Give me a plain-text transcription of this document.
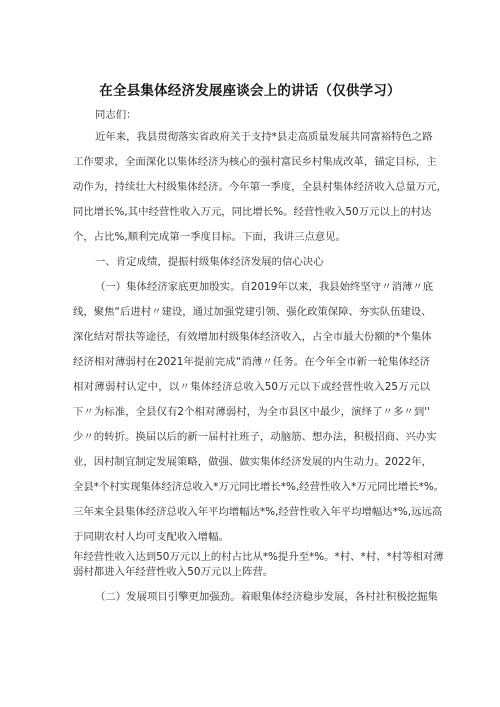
在全县集体经济发展座谈会上的讲话（仅供学习）
同志们：
近年来，我县贯彻落实省政府关于支持*县走高质量发展共同富裕特色之路
工作要求，全面深化以集体经济为核心的强村富民乡村集成改革，锚定目标，主
动作为，持续壮大村级集体经济。今年第一季度，全县村集体经济收入总量万元，
同比增长%,其中经营性收入万元，同比增长%。经营性收入50万元以上的村达
个，占比%,顺利完成第一季度目标。下面，我讲三点意见。
一、肯定成绩，提振村级集体经济发展的信心决心
（一）集体经济家底更加殷实。自2019年以来，我县始终坚守〃消薄〃底
线，聚焦“后进村〃建设，通过加强党建引领、强化政策保障、夯实队伍建设、
深化结对帮扶等途径，有效增加村级集体经济收入，占全市最大份额的*个集体
经济相对薄弱村在2021年提前完成“消薄〃任务。在今年全市新一轮集体经济
相对薄弱村认定中，以〃集体经济总收入50万元以下或经营性收入25万元以
下〃为标准，全县仅有2个相对薄弱村，为全市县区中最少，演绎了〃多〃到''
少〃的转折。换届以后的新一届村社班子，动脑筋、想办法，积极招商、兴办实
业，因村制宜制定发展策略，做强、做实集体经济发展的内生动力。2022年，
全县*个村实现集体经济总收入*万元同比增长*%,经营性收入*万元同比增长*%。
三年来全县集体经济总收入年平均增幅达*%,经营性收入年平均增幅达*%,远远高
于同期农村人均可支配收入增幅。
年经营性收入达到50万元以上的村占比从*%提升至*%。*村、*村、*村等相对薄
弱村都进入年经营性收入50万元以上阵营。
（二）发展项目引擎更加强劲。着眼集体经济稳步发展，各村社积极挖掘集
